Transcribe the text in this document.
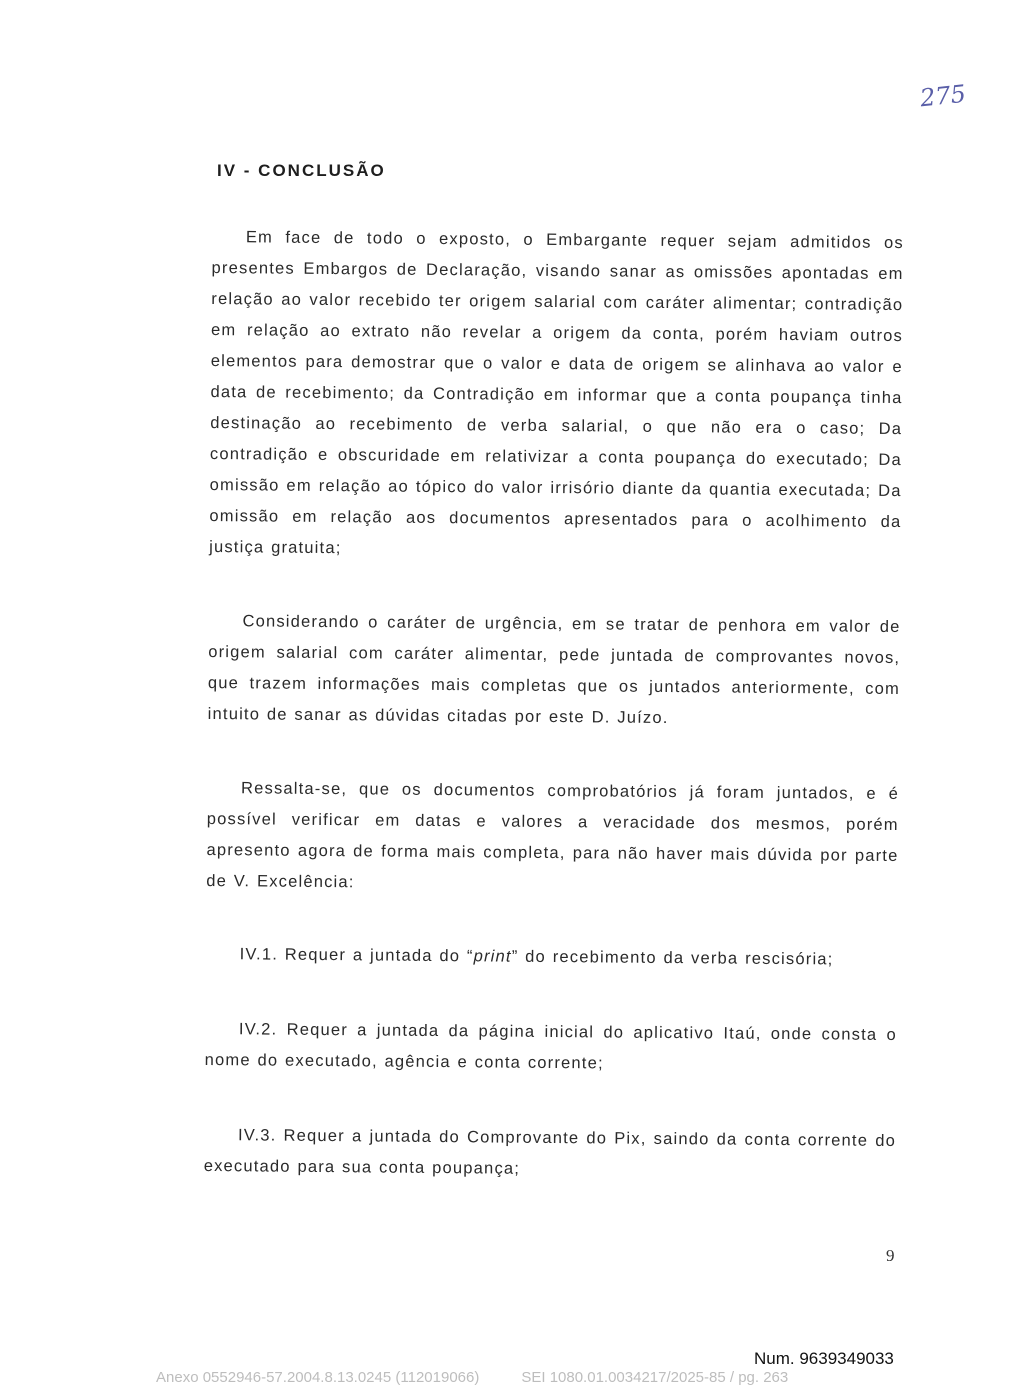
275
IV - CONCLUSÃO

Em face de todo o exposto, o Embargante requer sejam admitidos os presentes Embargos de Declaração, visando sanar as omissões apontadas em relação ao valor recebido ter origem salarial com caráter alimentar; contradição em relação ao extrato não revelar a origem da conta, porém haviam outros elementos para demostrar que o valor e data de origem se alinhava ao valor e data de recebimento; da Contradição em informar que a conta poupança tinha destinação ao recebimento de verba salarial, o que não era o caso; Da contradição e obscuridade em relativizar a conta poupança do executado; Da omissão em relação ao tópico do valor irrisório diante da quantia executada; Da omissão em relação aos documentos apresentados para o acolhimento da justiça gratuita;

Considerando o caráter de urgência, em se tratar de penhora em valor de origem salarial com caráter alimentar, pede juntada de comprovantes novos, que trazem informações mais completas que os juntados anteriormente, com intuito de sanar as dúvidas citadas por este D. Juízo.

Ressalta-se, que os documentos comprobatórios já foram juntados, e é possível verificar em datas e valores a veracidade dos mesmos, porém apresento agora de forma mais completa, para não haver mais dúvida por parte de V. Excelência:

IV.1. Requer a juntada do “print” do recebimento da verba rescisória;

IV.2. Requer a juntada da página inicial do aplicativo Itaú, onde consta o nome do executado, agência e conta corrente;

IV.3. Requer a juntada do Comprovante do Pix, saindo da conta corrente do executado para sua conta poupança;

9
Num. 9639349033
Anexo 0552946-57.2004.8.13.0245 (112019066)	SEI 1080.01.0034217/2025-85 / pg. 263
